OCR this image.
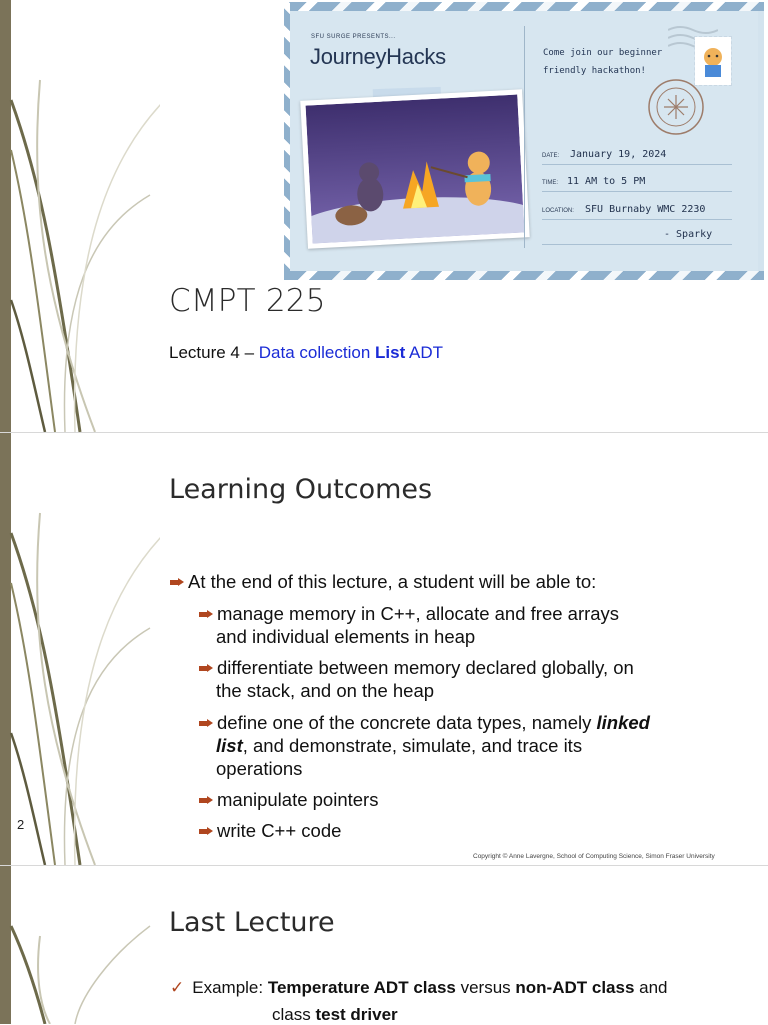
SFU SURGE PRESENTS...
JourneyHacks	Come join our beginner friendly hackathon!
DATE: January 19, 2024
TIME: 11 AM to 5 PM
LOCATION: SFU Burnaby WMC 2230
- Sparky
CMPT 225
Lecture 4 – Data collection List ADT
Learning Outcomes
At the end of this lecture, a student will be able to:
manage memory in C++, allocate and free arrays
and individual elements in heap
differentiate between memory declared globally, on
the stack, and on the heap
define one of the concrete data types, namely linked
list, and demonstrate, simulate, and trace its
operations
manipulate pointers
write C++ code
2
Copyright © Anne Lavergne, School of Computing Science, Simon Fraser University
Last Lecture
✓ Example: Temperature ADT class versus non-ADT class and
class test driver
